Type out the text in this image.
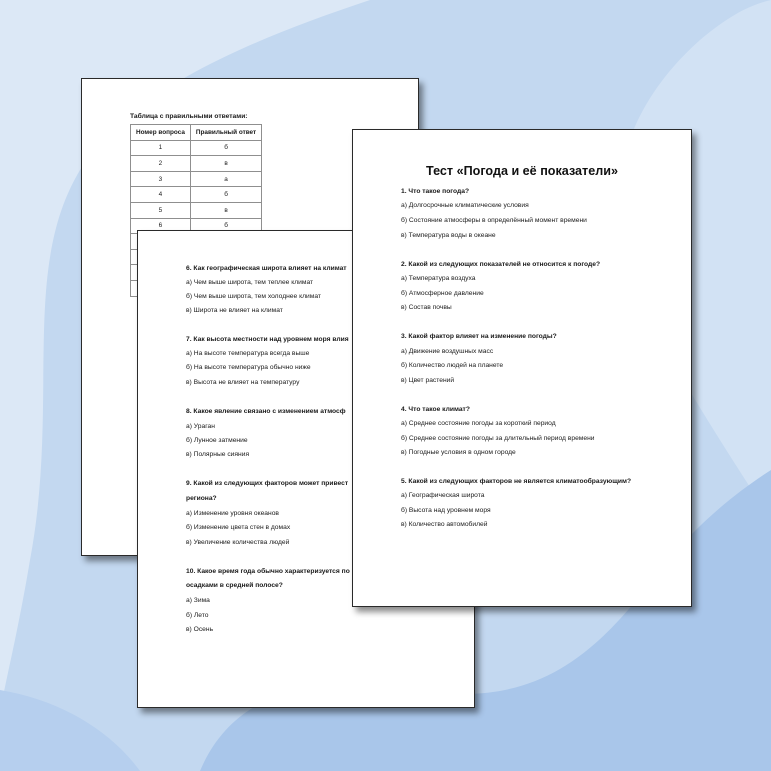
Таблица с правильными ответами:
Номер вопроса	Правильный ответ
1	б
2	в
3	а
4	б
5	в
6	б

6. Как географическая широта влияет на климат
а) Чем выше широта, тем теплее климат
б) Чем выше широта, тем холоднее климат
в) Широта не влияет на климат
7. Как высота местности над уровнем моря влия
а) На высоте температура всегда выше
б) На высоте температура обычно ниже
в) Высота не влияет на температуру
8. Какое явление связано с изменением атмосф
а) Ураган
б) Лунное затмение
в) Полярные сияния
9. Какой из следующих факторов может привест
региона?
а) Изменение уровня океанов
б) Изменение цвета стен в домах
в) Увеличение количества людей
10. Какое время года обычно характеризуется по
осадками в средней полосе?
а) Зима
б) Лето
в) Осень
Тест «Погода и её показатели»
1. Что такое погода?
а) Долгосрочные климатические условия
б) Состояние атмосферы в определённый момент времени
в) Температура воды в океане
2. Какой из следующих показателей не относится к погоде?
а) Температура воздуха
б) Атмосферное давление
в) Состав почвы
3. Какой фактор влияет на изменение погоды?
а) Движение воздушных масс
б) Количество людей на планете
в) Цвет растений
4. Что такое климат?
а) Среднее состояние погоды за короткий период
б) Среднее состояние погоды за длительный период времени
в) Погодные условия в одном городе
5. Какой из следующих факторов не является климатообразующим?
а) Географическая широта
б) Высота над уровнем моря
в) Количество автомобилей
